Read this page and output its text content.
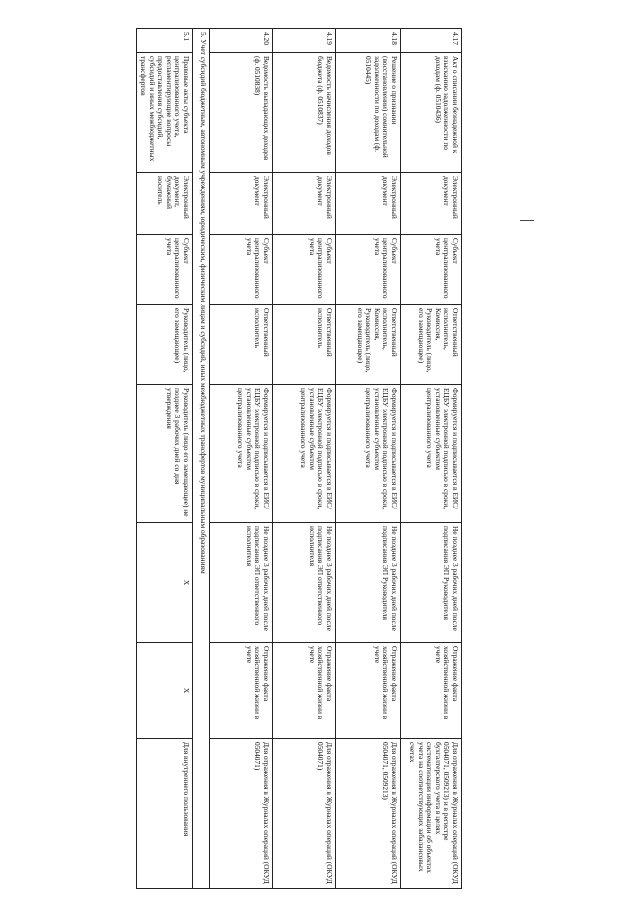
4.17	Акт о списании безнадежной к взысканию задолженности по доходам (ф. 0510436)	Электронный документ	Субъект централизованного учета	Ответственный исполнитель, Комиссия, Руководитель (лицо, его замещающее)	Формируется и подписывается в ЕИС/ЕЦБУ электронной подписью в сроки, установленные субъектом централизованного учета	Не позднее 3 рабочих дней после подписания ЭП Руководителя	Отражение факта хозяйственной жизни в учете	Для отражения в Журналах операций (ОКУД 0504071, 0509213) и в регистре бухгалтерского учета в целях систематизации информации об объектах учета на соответствующих забалансовых счетах
4.18	Решение о признании (восстановлении) сомнительной задолженности по доходам (ф. 0510445)	Электронный документ	Субъект централизованного учета	Ответственный исполнитель, Комиссия, Руководитель (лицо, его замещающее)	Формируется и подписывается в ЕИС/ЕЦБУ электронной подписью в сроки, установленные субъектом централизованного учета	Не позднее 3 рабочих дней после подписания ЭП Руководителя	Отражение факта хозяйственной жизни в учете	Для отражения в Журналах операций (ОКУД 0504071, 0509213)
4.19	Ведомость начисления доходов бюджета (ф. 0510837)	Электронный документ	Субъект централизованного учета	Ответственный исполнитель	Формируется и подписывается в ЕИС/ЕЦБУ электронной подписью в сроки, установленные субъектом централизованного учета	Не позднее 3 рабочих дней после подписания ЭП ответственного исполнителя	Отражение факта хозяйственной жизни в учете	Для отражения в Журналах операций (ОКУД 0504071)
4.20	Ведомость выпадающих доходов (ф. 0510838)	Электронный документ	Субъект централизованного учета	Ответственный исполнитель	Формируется и подписывается в ЕИС/ЕЦБУ электронной подписью в сроки, установленные субъектом централизованного учета	Не позднее 3 рабочих дней после подписания ЭП ответственного исполнителя	Отражение факта хозяйственной жизни в учете	Для отражения в Журналах операций (ОКУД 0504071)
5. Учет субсидий бюджетным, автономным учреждениям, юридическим, физическим лицам и субсидий, иных межбюджетных трансфертов муниципальным образованиям								
5.1	Правовые акты субъекта централизованного учета, регламентирующие вопросы предоставления субсидий, субсидий и иных межбюджетных трансфертов	Электронный документ, бумажный носитель	Субъект централизованного учета	Руководитель (лицо, его замещающее)	Руководитель (лицо его замещающее) не позднее 3 рабочих дней со дня утверждения	X	X	Для внутреннего пользования
